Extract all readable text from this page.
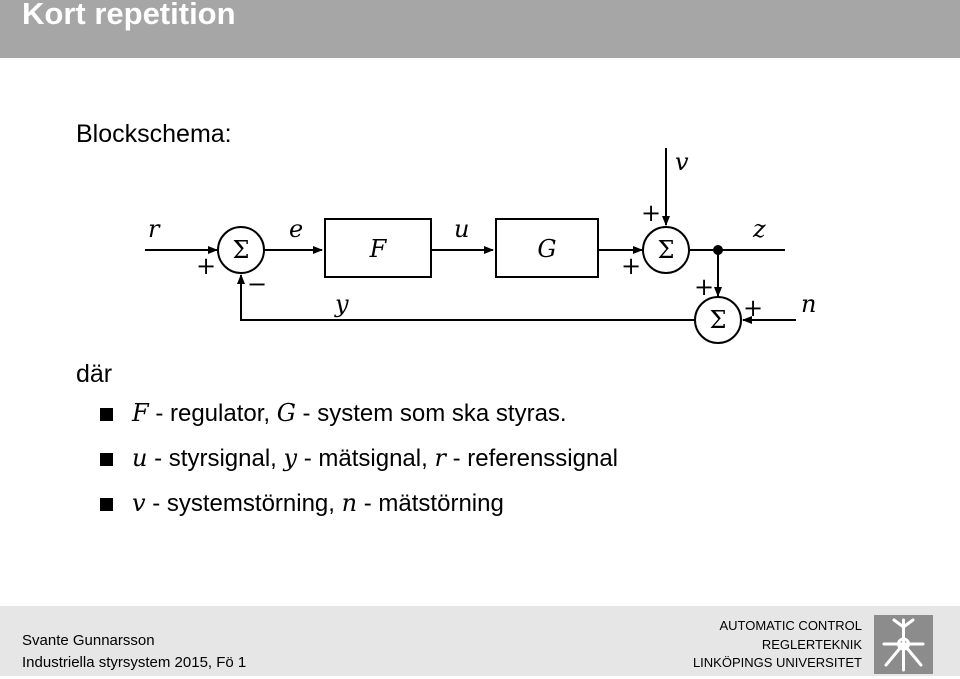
Kort repetition
Blockschema:
Σ	Σ
Σ
F	G
r	e	u
y
v
z
n
+
−
+
+
+
+
där
F - regulator, G - system som ska styras.
u - styrsignal, y - mätsignal, r - referenssignal
v - systemstörning, n - mätstörning
Svante Gunnarsson
Industriella styrsystem 2015, Fö 1
AUTOMATIC CONTROL
REGLERTEKNIK
LINKÖPINGS UNIVERSITET
